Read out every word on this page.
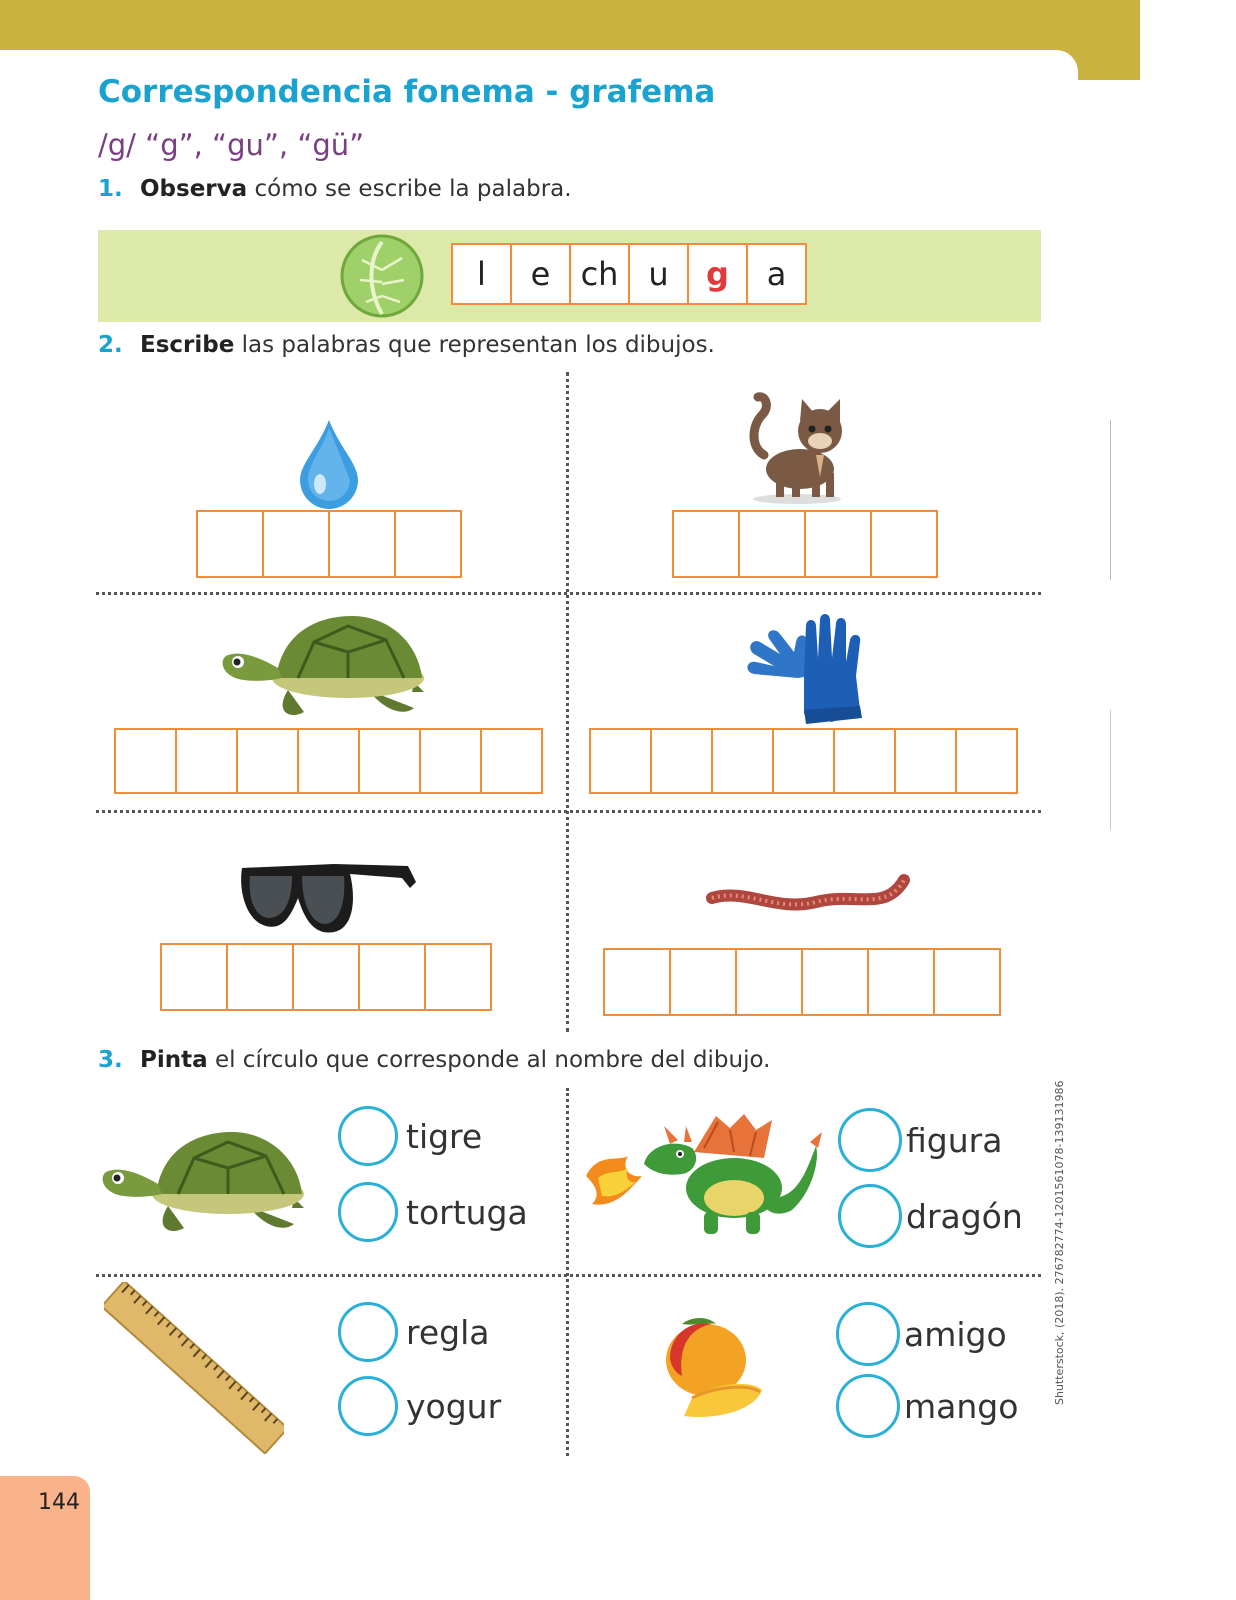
Correspondencia fonema - grafema
/g/ “g”, “gu”, “gü”
1. Observa cómo se escribe la palabra.
l	e ch u	g	a
2. Escribe las palabras que representan los dibujos.
3. Pinta el círculo que corresponde al nombre del dibujo.
tigre
tortuga
figura
dragón
regla
yogur
amigo
mango
Shutterstock, (2018). 276782774-1201561078-139131986
144
